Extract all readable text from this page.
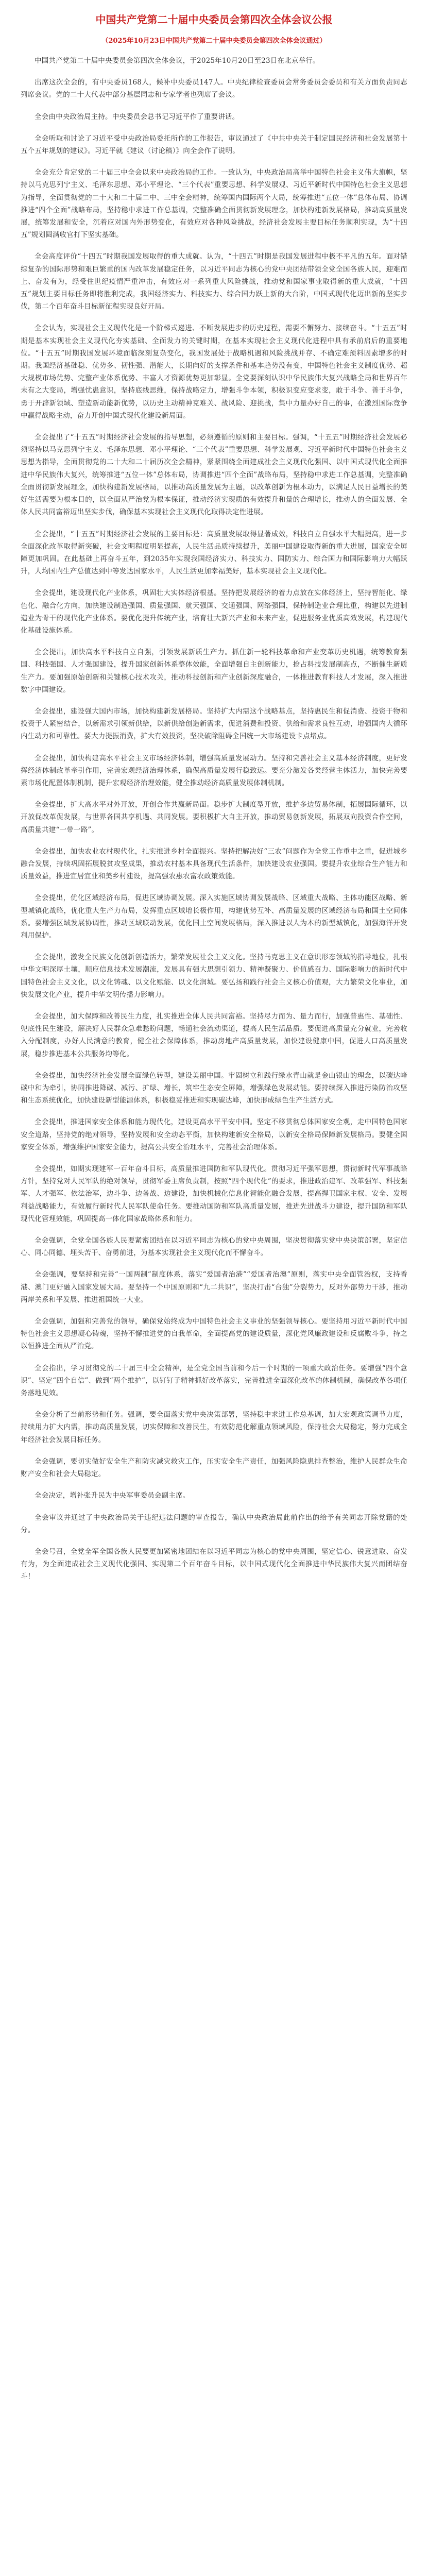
中国共产党第二十届中央委员会第四次全体会议公报
（2025年10月23日中国共产党第二十届中央委员会第四次全体会议通过）

中国共产党第二十届中央委员会第四次全体会议，于2025年10月20日至23日在北京举行。

出席这次全会的，有中央委员168人，候补中央委员147人。中央纪律检查委员会常务委员会委员和有关方面负责同志列席会议。党的二十大代表中部分基层同志和专家学者也列席了会议。

全会由中央政治局主持。中央委员会总书记习近平作了重要讲话。

全会听取和讨论了习近平受中央政治局委托所作的工作报告，审议通过了《中共中央关于制定国民经济和社会发展第十五个五年规划的建议》。习近平就《建议（讨论稿）》向全会作了说明。

全会充分肯定党的二十届三中全会以来中央政治局的工作。一致认为，中央政治局高举中国特色社会主义伟大旗帜，坚持以马克思列宁主义、毛泽东思想、邓小平理论、“三个代表”重要思想、科学发展观、习近平新时代中国特色社会主义思想为指导，全面贯彻党的二十大和二十届二中、三中全会精神，统筹国内国际两个大局，统筹推进“五位一体”总体布局、协调推进“四个全面”战略布局，坚持稳中求进工作总基调，完整准确全面贯彻新发展理念，加快构建新发展格局，推动高质量发展，统筹发展和安全，沉着应对国内外形势变化，有效应对各种风险挑战，经济社会发展主要目标任务顺利实现，为“十四五”规划圆满收官打下坚实基础。

全会高度评价“十四五”时期我国发展取得的重大成就。认为，“十四五”时期是我国发展进程中极不平凡的五年。面对错综复杂的国际形势和艰巨繁重的国内改革发展稳定任务，以习近平同志为核心的党中央团结带领全党全国各族人民，迎难而上、奋发有为，经受住世纪疫情严重冲击，有效应对一系列重大风险挑战，推动党和国家事业取得新的重大成就，“十四五”规划主要目标任务即将胜利完成，我国经济实力、科技实力、综合国力跃上新的大台阶，中国式现代化迈出新的坚实步伐，第二个百年奋斗目标新征程实现良好开局。

全会认为，实现社会主义现代化是一个阶梯式递进、不断发展进步的历史过程，需要不懈努力、接续奋斗。“十五五”时期是基本实现社会主义现代化夯实基础、全面发力的关键时期，在基本实现社会主义现代化进程中具有承前启后的重要地位。“十五五”时期我国发展环境面临深刻复杂变化，我国发展处于战略机遇和风险挑战并存、不确定难预料因素增多的时期。我国经济基础稳、优势多、韧性强、潜能大，长期向好的支撑条件和基本趋势没有变，中国特色社会主义制度优势、超大规模市场优势、完整产业体系优势、丰富人才资源优势更加彰显。全党要深刻认识中华民族伟大复兴战略全局和世界百年未有之大变局，增强忧患意识，坚持底线思维，保持战略定力，增强斗争本领，积极识变应变求变，敢于斗争、善于斗争，勇于开辟新领域、塑造新动能新优势，以历史主动精神克难关、战风险、迎挑战，集中力量办好自己的事，在激烈国际竞争中赢得战略主动，奋力开创中国式现代化建设新局面。

全会提出了“十五五”时期经济社会发展的指导思想，必须遵循的原则和主要目标。强调，“十五五”时期经济社会发展必须坚持以马克思列宁主义、毛泽东思想、邓小平理论、“三个代表”重要思想、科学发展观、习近平新时代中国特色社会主义思想为指导，全面贯彻党的二十大和二十届历次全会精神，紧紧围绕全面建成社会主义现代化强国、以中国式现代化全面推进中华民族伟大复兴，统筹推进“五位一体”总体布局，协调推进“四个全面”战略布局，坚持稳中求进工作总基调，完整准确全面贯彻新发展理念，加快构建新发展格局，以推动高质量发展为主题，以改革创新为根本动力，以满足人民日益增长的美好生活需要为根本目的，以全面从严治党为根本保证，推动经济实现质的有效提升和量的合理增长，推动人的全面发展、全体人民共同富裕迈出坚实步伐，确保基本实现社会主义现代化取得决定性进展。

全会提出，“十五五”时期经济社会发展的主要目标是：高质量发展取得显著成效，科技自立自强水平大幅提高，进一步全面深化改革取得新突破，社会文明程度明显提高，人民生活品质持续提升，美丽中国建设取得新的重大进展，国家安全屏障更加巩固。在此基础上再奋斗五年，到2035年实现我国经济实力、科技实力、国防实力、综合国力和国际影响力大幅跃升，人均国内生产总值达到中等发达国家水平，人民生活更加幸福美好，基本实现社会主义现代化。

全会提出，建设现代化产业体系，巩固壮大实体经济根基。坚持把发展经济的着力点放在实体经济上，坚持智能化、绿色化、融合化方向，加快建设制造强国、质量强国、航天强国、交通强国、网络强国，保持制造业合理比重，构建以先进制造业为骨干的现代化产业体系。要优化提升传统产业，培育壮大新兴产业和未来产业，促进服务业优质高效发展，构建现代化基础设施体系。

全会提出，加快高水平科技自立自强，引领发展新质生产力。抓住新一轮科技革命和产业变革历史机遇，统筹教育强国、科技强国、人才强国建设，提升国家创新体系整体效能，全面增强自主创新能力，抢占科技发展制高点，不断催生新质生产力。要加强原始创新和关键核心技术攻关，推动科技创新和产业创新深度融合，一体推进教育科技人才发展，深入推进数字中国建设。

全会提出，建设强大国内市场，加快构建新发展格局。坚持扩大内需这个战略基点，坚持惠民生和促消费、投资于物和投资于人紧密结合，以新需求引领新供给，以新供给创造新需求，促进消费和投资、供给和需求良性互动，增强国内大循环内生动力和可靠性。要大力提振消费，扩大有效投资，坚决破除阻碍全国统一大市场建设卡点堵点。

全会提出，加快构建高水平社会主义市场经济体制，增强高质量发展动力。坚持和完善社会主义基本经济制度，更好发挥经济体制改革牵引作用，完善宏观经济治理体系，确保高质量发展行稳致远。要充分激发各类经营主体活力，加快完善要素市场化配置体制机制，提升宏观经济治理效能，健全推动经济高质量发展体制机制。

全会提出，扩大高水平对外开放，开创合作共赢新局面。稳步扩大制度型开放，维护多边贸易体制，拓展国际循环，以开放促改革促发展，与世界各国共享机遇、共同发展。要积极扩大自主开放，推动贸易创新发展，拓展双向投资合作空间，高质量共建“一带一路”。

全会提出，加快农业农村现代化，扎实推进乡村全面振兴。坚持把解决好“三农”问题作为全党工作重中之重，促进城乡融合发展，持续巩固拓展脱贫攻坚成果，推动农村基本具备现代生活条件，加快建设农业强国。要提升农业综合生产能力和质量效益，推进宜居宜业和美乡村建设，提高强农惠农富农政策效能。

全会提出，优化区域经济布局，促进区域协调发展。深入实施区域协调发展战略、区域重大战略、主体功能区战略、新型城镇化战略，优化重大生产力布局，发挥重点区域增长极作用，构建优势互补、高质量发展的区域经济布局和国土空间体系。要增强区域发展协调性，推动区域联动发展，优化国土空间发展格局，深入推进以人为本的新型城镇化，加强海洋开发利用保护。

全会提出，激发全民族文化创新创造活力，繁荣发展社会主义文化。坚持马克思主义在意识形态领域的指导地位，扎根中华文明深厚土壤，顺应信息技术发展潮流，发展具有强大思想引领力、精神凝聚力、价值感召力、国际影响力的新时代中国特色社会主义文化，以文化铸魂、以文化赋能、以文化润城。要弘扬和践行社会主义核心价值观，大力繁荣文化事业，加快发展文化产业，提升中华文明传播力影响力。

全会提出，加大保障和改善民生力度，扎实推进全体人民共同富裕。坚持尽力而为、量力而行，加强普惠性、基础性、兜底性民生建设，解决好人民群众急难愁盼问题，畅通社会流动渠道，提高人民生活品质。要促进高质量充分就业，完善收入分配制度，办好人民满意的教育，健全社会保障体系，推动房地产高质量发展，加快建设健康中国，促进人口高质量发展，稳步推进基本公共服务均等化。

全会提出，加快经济社会发展全面绿色转型，建设美丽中国。牢固树立和践行绿水青山就是金山银山的理念，以碳达峰碳中和为牵引，协同推进降碳、减污、扩绿、增长，筑牢生态安全屏障，增强绿色发展动能。要持续深入推进污染防治攻坚和生态系统优化，加快建设新型能源体系，积极稳妥推进和实现碳达峰，加快形成绿色生产生活方式。

全会提出，推进国家安全体系和能力现代化，建设更高水平平安中国。坚定不移贯彻总体国家安全观，走中国特色国家安全道路，坚持党的绝对领导，坚持发展和安全动态平衡，加快构建新安全格局，以新安全格局保障新发展格局。要健全国家安全体系，增强维护国家安全能力，提高公共安全治理水平，完善社会治理体系。

全会提出，如期实现建军一百年奋斗目标，高质量推进国防和军队现代化。贯彻习近平强军思想，贯彻新时代军事战略方针，坚持党对人民军队的绝对领导，贯彻军委主席负责制，按照“四个现代化”的要求，推进政治建军、改革强军、科技强军、人才强军、依法治军，边斗争、边备战、边建设，加快机械化信息化智能化融合发展，提高捍卫国家主权、安全、发展利益战略能力，有效履行新时代人民军队使命任务。要推动国防和军队高质量发展，推进先进战斗力建设，提升国防和军队现代化管理效能，巩固提高一体化国家战略体系和能力。

全会强调，全党全国各族人民要紧密团结在以习近平同志为核心的党中央周围，坚决贯彻落实党中央决策部署，坚定信心、同心同德、埋头苦干、奋勇前进，为基本实现社会主义现代化而不懈奋斗。

全会强调，要坚持和完善“一国两制”制度体系，落实“爱国者治港”“爱国者治澳”原则，落实中央全面管治权，支持香港、澳门更好融入国家发展大局。要坚持一个中国原则和“九二共识”，坚决打击“台独”分裂势力，反对外部势力干涉，推动两岸关系和平发展、推进祖国统一大业。

全会强调，加强和完善党的领导，确保党始终成为中国特色社会主义事业的坚强领导核心。要坚持用习近平新时代中国特色社会主义思想凝心铸魂，坚持不懈推进党的自我革命，全面提高党的建设质量，深化党风廉政建设和反腐败斗争，持之以恒推进全面从严治党。

全会指出，学习贯彻党的二十届三中全会精神，是全党全国当前和今后一个时期的一项重大政治任务。要增强“四个意识”、坚定“四个自信”、做到“两个维护”，以钉钉子精神抓好改革落实，完善推进全面深化改革的体制机制，确保改革各项任务落地见效。

全会分析了当前形势和任务。强调，要全面落实党中央决策部署，坚持稳中求进工作总基调，加大宏观政策调节力度，持续用力扩大内需，推动高质量发展，切实保障和改善民生，有效防范化解重点领域风险，保持社会大局稳定，努力完成全年经济社会发展目标任务。

全会强调，要切实做好安全生产和防灾减灾救灾工作，压实安全生产责任，加强风险隐患排查整治，维护人民群众生命财产安全和社会大局稳定。

全会决定，增补张升民为中央军事委员会副主席。

全会审议并通过了中央政治局关于违纪违法问题的审查报告，确认中央政治局此前作出的给予有关同志开除党籍的处分。

全会号召，全党全军全国各族人民要更加紧密地团结在以习近平同志为核心的党中央周围，坚定信心、锐意进取、奋发有为，为全面建成社会主义现代化强国、实现第二个百年奋斗目标，以中国式现代化全面推进中华民族伟大复兴而团结奋斗！
